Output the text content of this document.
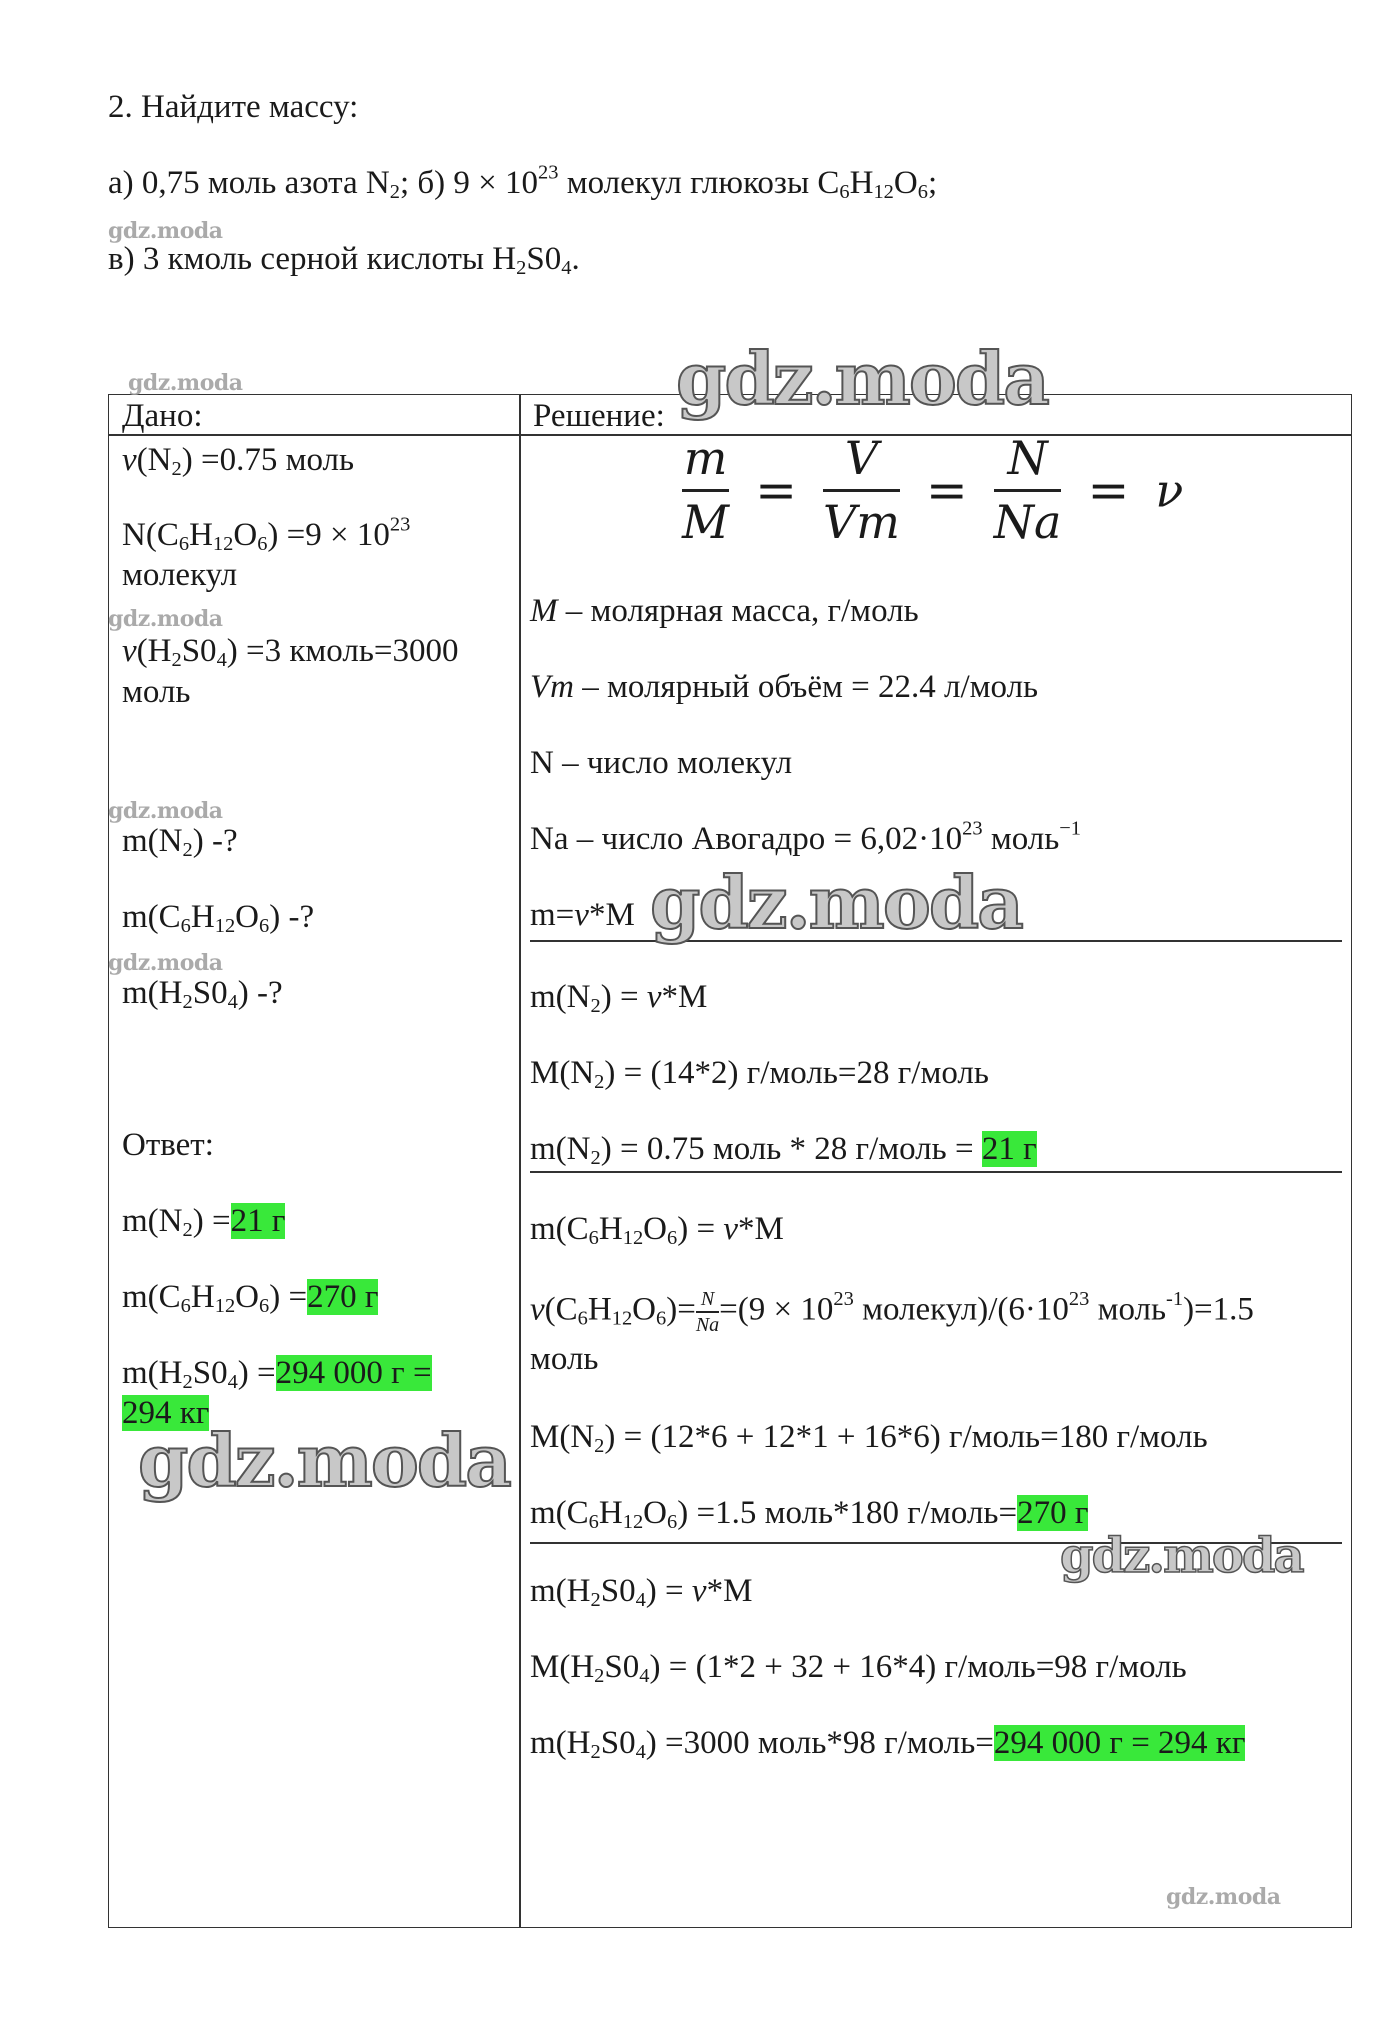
2. Найдите массу:
а) 0,75 моль азота $N_2$; б) $9 \times 10^{23}$ молекул глюкозы $C_6H_{12}O_6$;
в) 3 кмоль серной кислоты $H_2S0_4$.
Дано:	Решение:
$\nu(N_2) =0.75$ моль
$N(C_6H_{12}O_6) =9 \times 10^{23}$
молекул
$\nu(H_2S0_4) =3$ кмоль=3000
моль
$m(N_2)$ -?
$m(C_6H_{12}O_6)$ -?
$m(H_2S0_4)$ -?
Ответ:
$m(N_2) =21$ г
$m(C_6H_{12}O_6) =270$ г
$m(H_2S0_4) =294$ 000 г =
294 кг
$\frac{m}{M} = \frac{V}{Vm} = \frac{N}{Na} = \nu$
M – молярная масса, г/моль
Vm – молярный объём = 22.4 л/моль
N – число молекул
Na – число Авогадро = $6,02\cdot 10^{23}$ моль$^{-1}$
m=ν*M
$m(N_2) = \nu*M$
$M(N_2) = (14*2)$ г/моль=28 г/моль
$m(N_2) = 0.75$ моль * 28 г/моль = 21 г
$m(C_6H_{12}O_6) = \nu*M$
$\nu(C_6H_{12}O_6)= \frac{N}{Na} =(9 \times 10^{23}$ $молекул)/(6\cdot 10^{23}$ моль$^{-1}$)=1.5
моль
$M(N_2) = (12*6 + 12*1 + 16*6)$ г/моль=180 г/моль
$m(C_6H_{12}O_6) =1.5$ моль*180 г/моль=270 г
$m(H_2S0_4) = \nu*M$
$M(H_2S0_4) = (1*2 + 32 + 16*4)$ г/моль=98 г/моль
$m(H_2S0_4) =3000$ моль*98 г/моль=294 000 г = 294 кг
gdz.moda
gdz.moda
gdz.moda
gdz.moda
gdz.moda
gdz.moda
gdz.moda
gdz.moda
gdz.moda
gdz.moda
